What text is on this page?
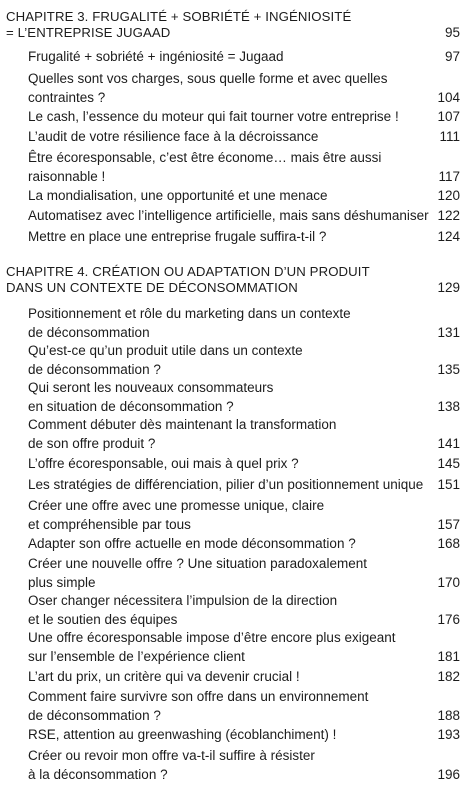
CHAPITRE 3. FRUGALITÉ + SOBRIÉTÉ + INGÉNIOSITÉ
= L’ENTREPRISE JUGAAD	95
Frugalité + sobriété + ingéniosité = Jugaad	97
Quelles sont vos charges, sous quelle forme et avec quelles
contraintes ?	104
Le cash, l’essence du moteur qui fait tourner votre entreprise !	107
L’audit de votre résilience face à la décroissance	111
Être écoresponsable, c’est être économe… mais être aussi
raisonnable !	117
La mondialisation, une opportunité et une menace	120
Automatisez avec l’intelligence artificielle, mais sans déshumaniser 122
Mettre en place une entreprise frugale suffira-t-il ?	124
CHAPITRE 4. CRÉATION OU ADAPTATION D’UN PRODUIT
DANS UN CONTEXTE DE DÉCONSOMMATION	129
Positionnement et rôle du marketing dans un contexte
de déconsommation	131
Qu’est-ce qu’un produit utile dans un contexte
de déconsommation ?	135
Qui seront les nouveaux consommateurs
en situation de déconsommation ?	138
Comment débuter dès maintenant la transformation
de son offre produit ?	141
L’offre écoresponsable, oui mais à quel prix ?	145
Les stratégies de différenciation, pilier d’un positionnement unique	151
Créer une offre avec une promesse unique, claire
et compréhensible par tous	157
Adapter son offre actuelle en mode déconsommation ?	168
Créer une nouvelle offre ? Une situation paradoxalement
plus simple	170
Oser changer nécessitera l’impulsion de la direction
et le soutien des équipes	176
Une offre écoresponsable impose d’être encore plus exigeant
sur l’ensemble de l’expérience client	181
L’art du prix, un critère qui va devenir crucial !	182
Comment faire survivre son offre dans un environnement
de déconsommation ?	188
RSE, attention au greenwashing (écoblanchiment) !	193
Créer ou revoir mon offre va-t-il suffire à résister
à la déconsommation ?	196
